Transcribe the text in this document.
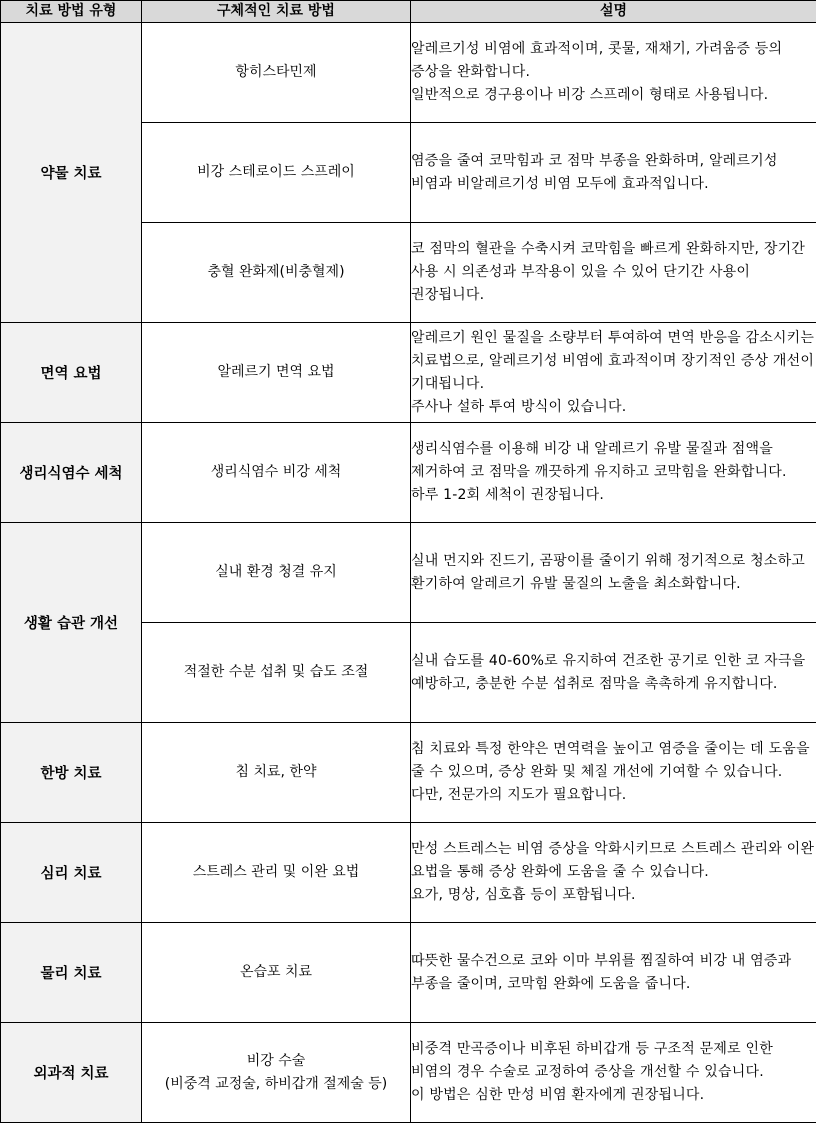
치료 방법 유형	구체적인 치료 방법	설명
약물 치료	항히스타민제	알레르기성 비염에 효과적이며, 콧물, 재채기, 가려움증 등의 증상을 완화합니다.
일반적으로 경구용이나 비강 스프레이 형태로 사용됩니다.

	비강 스테로이드 스프레이	염증을 줄여 코막힘과 코 점막 부종을 완화하며, 알레르기성 비염과 비알레르기성 비염 모두에 효과적입니다.

	충혈 완화제(비충혈제)	코 점막의 혈관을 수축시켜 코막힘을 빠르게 완화하지만, 장기간 사용 시 의존성과 부작용이 있을 수 있어 단기간 사용이 권장됩니다.

면역 요법	알레르기 면역 요법	알레르기 원인 물질을 소량부터 투여하여 면역 반응을 감소시키는 치료법으로, 알레르기성 비염에 효과적이며 장기적인 증상 개선이 기대됩니다.
주사나 설하 투여 방식이 있습니다.

생리식염수 세척	생리식염수 비강 세척	생리식염수를 이용해 비강 내 알레르기 유발 물질과 점액을 제거하여 코 점막을 깨끗하게 유지하고 코막힘을 완화합니다.
하루 1-2회 세척이 권장됩니다.

생활 습관 개선	실내 환경 청결 유지	실내 먼지와 진드기, 곰팡이를 줄이기 위해 정기적으로 청소하고 환기하여 알레르기 유발 물질의 노출을 최소화합니다.

	적절한 수분 섭취 및 습도 조절	실내 습도를 40-60%로 유지하여 건조한 공기로 인한 코 자극을 예방하고, 충분한 수분 섭취로 점막을 촉촉하게 유지합니다.

한방 치료	침 치료, 한약	침 치료와 특정 한약은 면역력을 높이고 염증을 줄이는 데 도움을 줄 수 있으며, 증상 완화 및 체질 개선에 기여할 수 있습니다.
다만, 전문가의 지도가 필요합니다.

심리 치료	스트레스 관리 및 이완 요법	만성 스트레스는 비염 증상을 악화시키므로 스트레스 관리와 이완 요법을 통해 증상 완화에 도움을 줄 수 있습니다.
요가, 명상, 심호흡 등이 포함됩니다.

물리 치료	온습포 치료	따뜻한 물수건으로 코와 이마 부위를 찜질하여 비강 내 염증과 부종을 줄이며, 코막힘 완화에 도움을 줍니다.

외과적 치료	비강 수술
(비중격 교정술, 하비갑개 절제술 등)	비중격 만곡증이나 비후된 하비갑개 등 구조적 문제로 인한 비염의 경우 수술로 교정하여 증상을 개선할 수 있습니다.
이 방법은 심한 만성 비염 환자에게 권장됩니다.
